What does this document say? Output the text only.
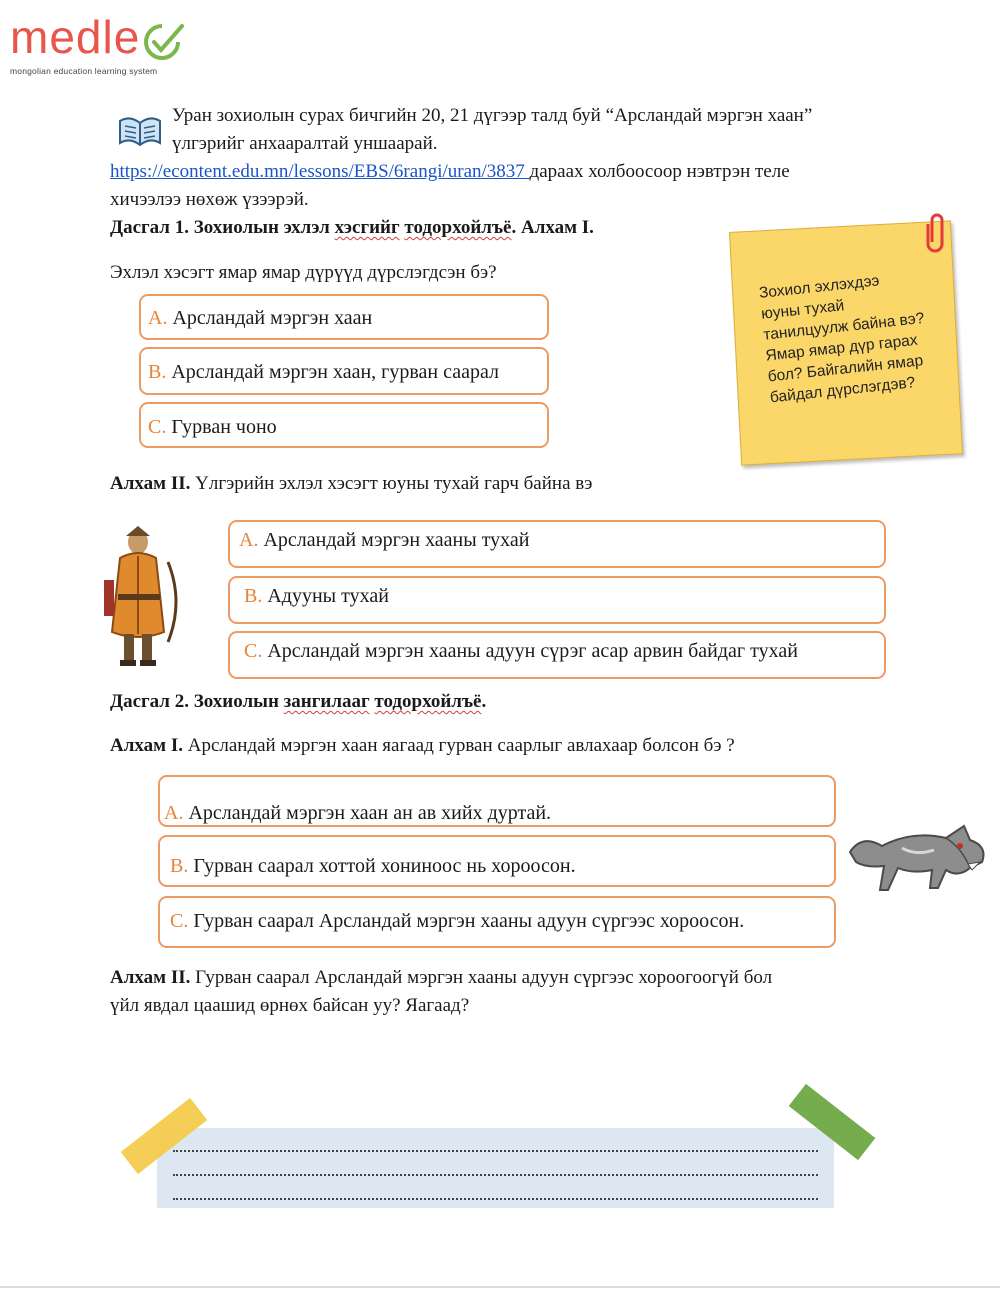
medle
mongolian education learning system
Уран зохиолын сурах бичгийн 20, 21 дүгээр талд буй “Арсландай мэргэн хаан”
үлгэрийг анхааралтай уншаарай.
https://econtent.edu.mn/lessons/EBS/6rangi/uran/3837 дараах холбоосоор нэвтрэн теле
хичээлээ нөхөж үзээрэй.
Дасгал 1. Зохиолын эхлэл хэсгийг тодорхойлъё. Алхам I.
Эхлэл хэсэгт ямар ямар дүрүүд дүрслэгдсэн бэ?
A. Арсландай мэргэн хаан
B. Арсландай мэргэн хаан, гурван саарал
C. Гурван чоно
Зохиол эхлэхдээ
юуны тухай
танилцуулж байна вэ?
Ямар ямар дүр гарах
бол? Байгалийн ямар
байдал дүрслэгдэв?
Алхам II. Үлгэрийн эхлэл хэсэгт юуны тухай гарч байна вэ
A. Арсландай мэргэн хааны тухай
B. Адууны тухай
C. Арсландай мэргэн хааны адуун сүрэг асар арвин байдаг тухай
Дасгал 2. Зохиолын зангилааг тодорхойлъё.
Алхам I. Арсландай мэргэн хаан яагаад гурван саарлыг авлахаар болсон бэ ?
A. Арсландай мэргэн хаан ан ав хийх дуртай.
B. Гурван саарал хоттой хониноос нь хороосон.
C. Гурван саарал Арсландай мэргэн хааны адуун сүргээс хороосон.
Алхам II. Гурван саарал Арсландай мэргэн хааны адуун сүргээс хороогоогүй бол
үйл явдал цаашид өрнөх байсан уу? Яагаад?
